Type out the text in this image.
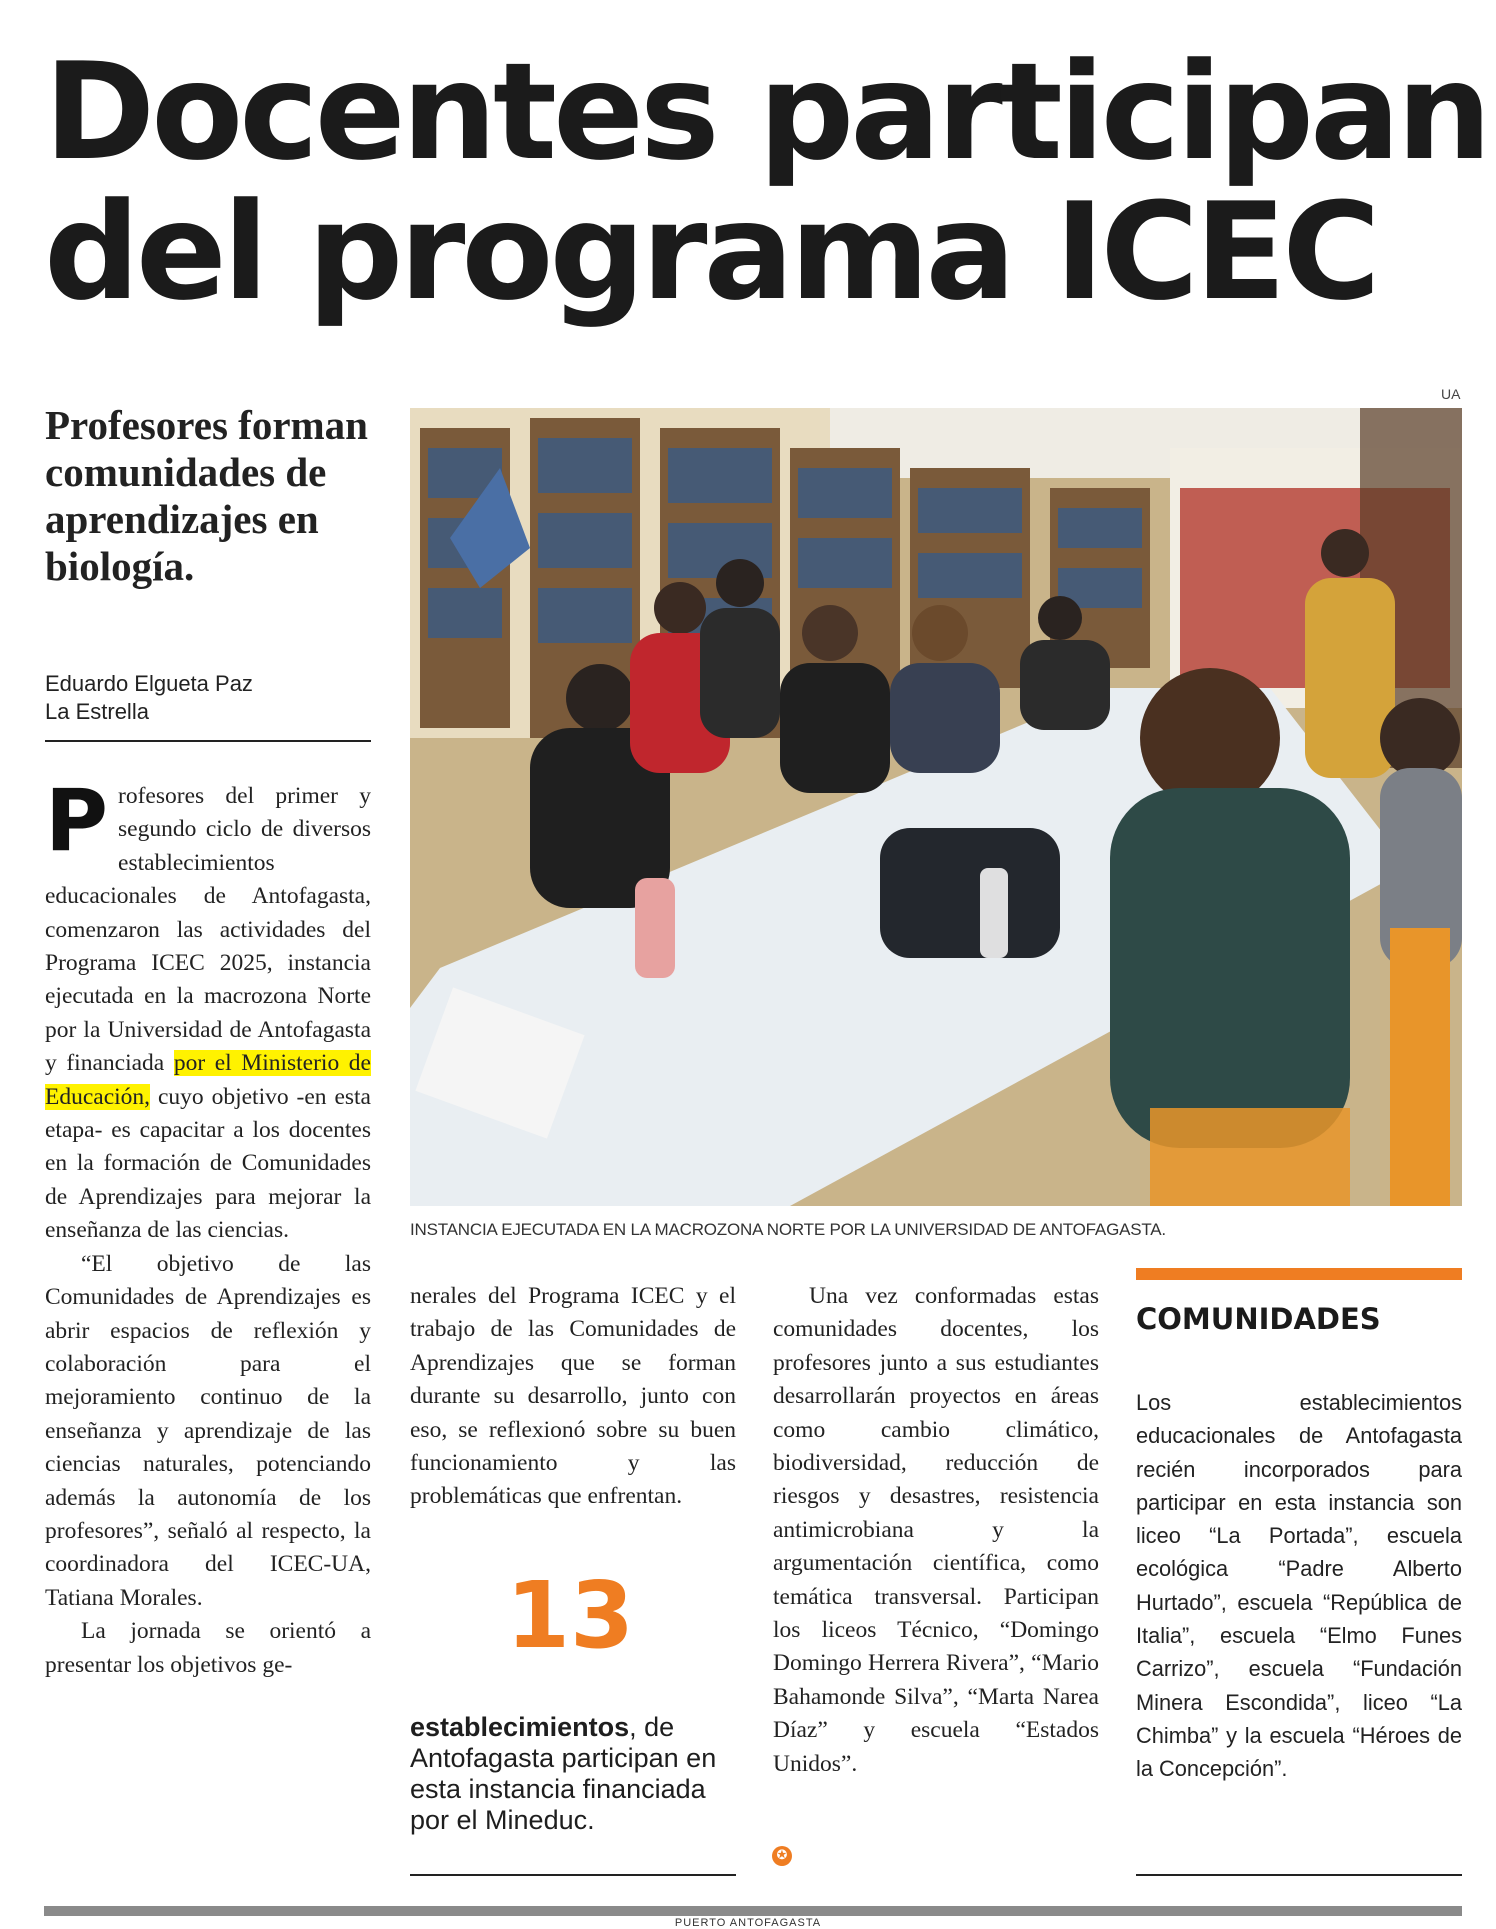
Docentes participan
del programa ICEC
UA
Profesores forman comunidades de aprendizajes en biología.
Eduardo Elgueta Paz
La Estrella

Profesores del primer y segundo ciclo de diversos establecimientos educacionales de Antofagasta, comenzaron las actividades del Programa ICEC 2025, instancia ejecutada en la macrozona Norte por la Universidad de Antofagasta y financiada por el Ministerio de Educación, cuyo objetivo -en esta etapa- es capacitar a los docentes en la formación de Comunidades de Aprendizajes para mejorar la enseñanza de las ciencias.

“El objetivo de las Comunidades de Aprendizajes es abrir espacios de reflexión y colaboración para el mejoramiento continuo de la enseñanza y aprendizaje de las ciencias naturales, potenciando además la autonomía de los profesores”, señaló al respecto, la coordinadora del ICEC-UA, Tatiana Morales.

La jornada se orientó a presentar los objetivos ge-

INSTANCIA EJECUTADA EN LA MACROZONA NORTE POR LA UNIVERSIDAD DE ANTOFAGASTA.

nerales del Programa ICEC y el trabajo de las Comunidades de Aprendizajes que se forman durante su desarrollo, junto con eso, se reflexionó sobre su buen funcionamiento y las problemáticas que enfrentan.

13
establecimientos, de Antofagasta participan en esta instancia financiada por el Mineduc.

Una vez conformadas estas comunidades docentes, los profesores junto a sus estudiantes desarrollarán proyectos en áreas como cambio climático, biodiversidad, reducción de riesgos y desastres, resistencia antimicrobiana y la argumentación científica, como temática transversal. Participan los liceos Técnico, “Domingo Domingo Herrera Rivera”, “Mario Bahamonde Silva”, “Marta Narea Díaz” y escuela “Estados Unidos”.

✪
COMUNIDADES
Los establecimientos educacionales de Antofagasta recién incorporados para participar en esta instancia son liceo “La Portada”, escuela ecológica “Padre Alberto Hurtado”, escuela “República de Italia”, escuela “Elmo Funes Carrizo”, escuela “Fundación Minera Escondida”, liceo “La Chimba” y la escuela “Héroes de la Concepción”.
PUERTO ANTOFAGASTA
